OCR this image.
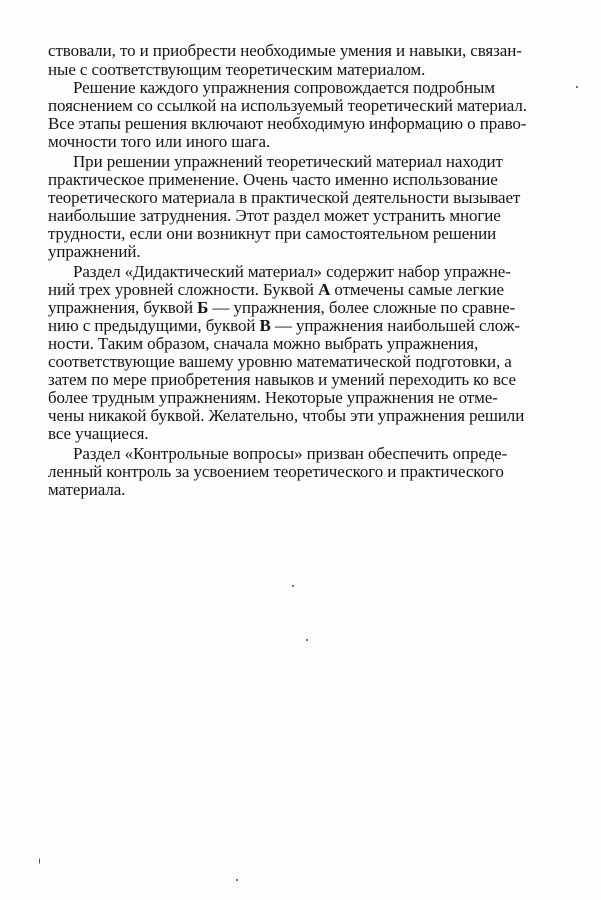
ствовали, то и приобрести необходимые умения и навыки, связан-
ные с соответствующим теоретическим материалом.
Решение каждого упражнения сопровождается подробным
пояснением со ссылкой на используемый теоретический материал.
Все этапы решения включают необходимую информацию о право-
мочности того или иного шага.
При решении упражнений теоретический материал находит
практическое применение. Очень часто именно использование
теоретического материала в практической деятельности вызывает
наибольшие затруднения. Этот раздел может устранить многие
трудности, если они возникнут при самостоятельном решении
упражнений.
Раздел «Дидактический материал» содержит набор упражне-
ний трех уровней сложности. Буквой А отмечены самые легкие
упражнения, буквой Б — упражнения, более сложные по сравне-
нию с предыдущими, буквой В — упражнения наибольшей слож-
ности. Таким образом, сначала можно выбрать упражнения,
соответствующие вашему уровню математической подготовки, а
затем по мере приобретения навыков и умений переходить ко все
более трудным упражнениям. Некоторые упражнения не отме-
чены никакой буквой. Желательно, чтобы эти упражнения решили
все учащиеся.
Раздел «Контрольные вопросы» призван обеспечить опреде-
ленный контроль за усвоением теоретического и практического
материала.
